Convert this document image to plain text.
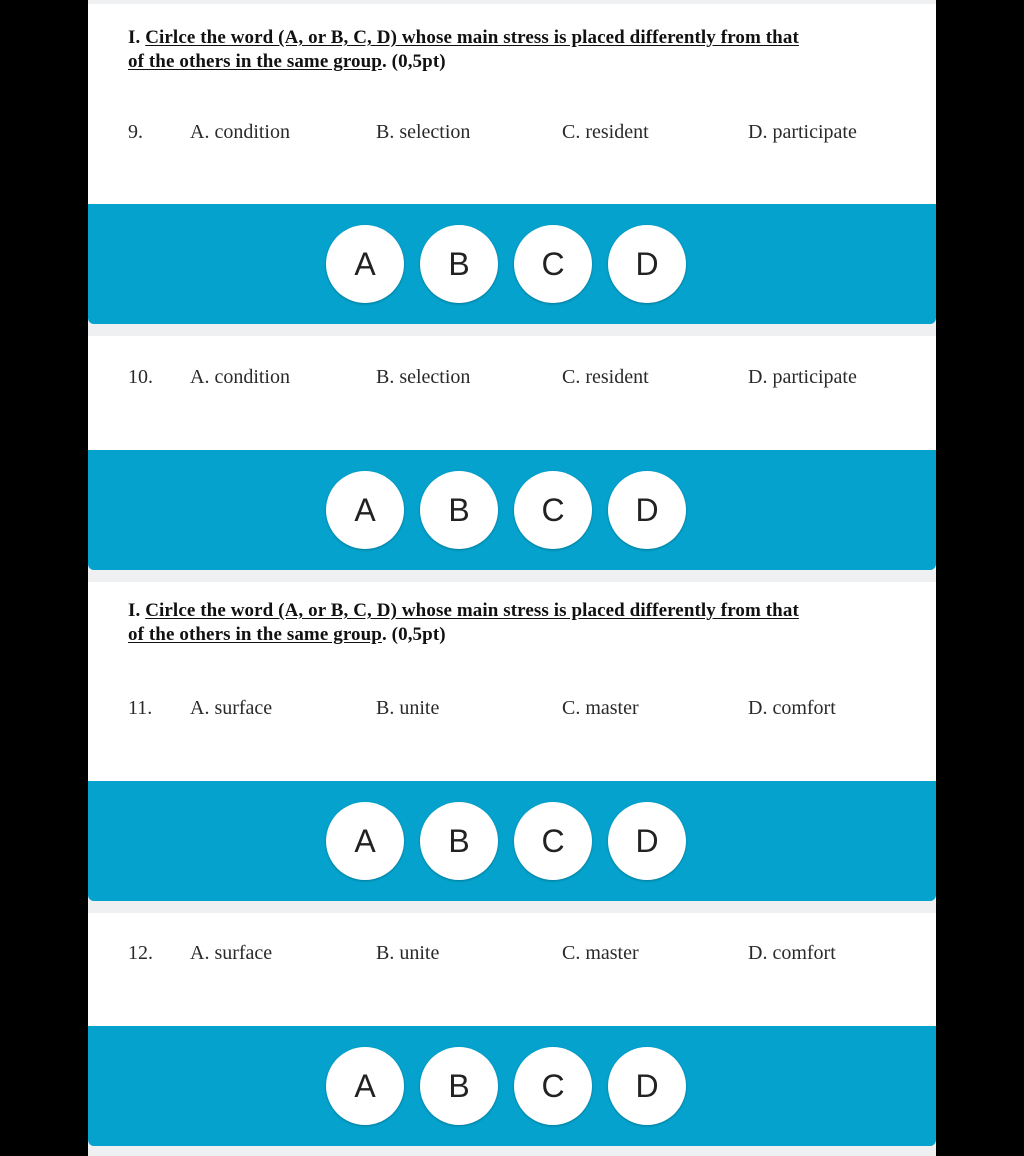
I. Cirlce the word (A, or B, C, D) whose main stress is placed differently from that
of the others in the same group. (0,5pt)
9. A. condition	B. selection	C. resident	D. participate
A	B	C	D
10. A. condition	B. selection	C. resident	D. participate
A	B	C	D
I. Cirlce the word (A, or B, C, D) whose main stress is placed differently from that
of the others in the same group. (0,5pt)
11. A. surface	B. unite	C. master	D. comfort
A	B	C	D
12. A. surface	B. unite	C. master	D. comfort
A	B	C	D
